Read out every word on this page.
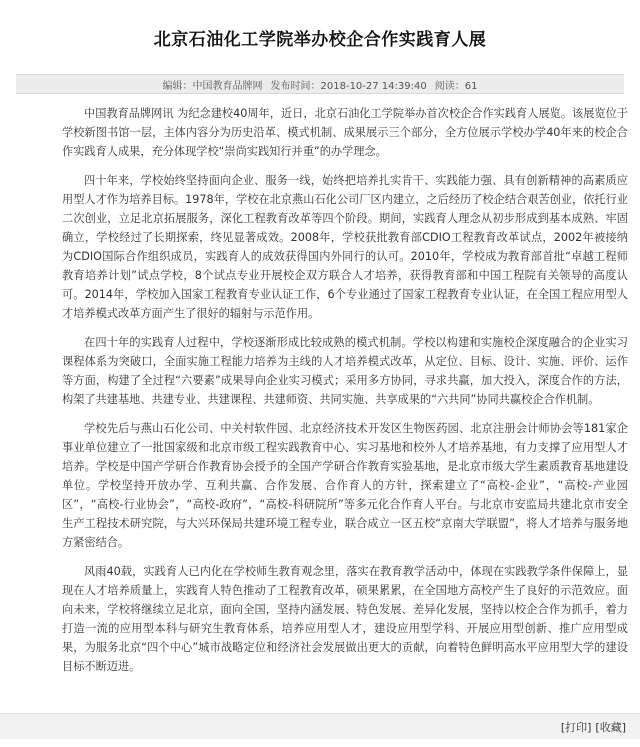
北京石油化工学院举办校企合作实践育人展
编辑：中国教育品牌网 发布时间：2018-10-27 14:39:40 阅读：61

中国教育品牌网讯 为纪念建校40周年，近日，北京石油化工学院举办首次校企合作实践育人展览。该展览位于学校新图书馆一层，主体内容分为历史沿革、模式机制、成果展示三个部分，全方位展示学校办学40年来的校企合作实践育人成果，充分体现学校“崇尚实践知行并重”的办学理念。

四十年来，学校始终坚持面向企业、服务一线，始终把培养扎实肯干、实践能力强、具有创新精神的高素质应用型人才作为培养目标。1978年，学校在北京燕山石化公司厂区内建立，之后经历了校企结合艰苦创业，依托行业二次创业，立足北京拓展服务，深化工程教育改革等四个阶段。期间，实践育人理念从初步形成到基本成熟、牢固确立，学校经过了长期探索，终见显著成效。2008年，学校获批教育部CDIO工程教育改革试点，2002年被接纳为CDIO国际合作组织成员，实践育人的成效获得国内外同行的认可。2010年，学校成为教育部首批“卓越工程师教育培养计划”试点学校，8个试点专业开展校企双方联合人才培养，获得教育部和中国工程院有关领导的高度认可。2014年，学校加入国家工程教育专业认证工作，6个专业通过了国家工程教育专业认证，在全国工程应用型人才培养模式改革方面产生了很好的辐射与示范作用。

在四十年的实践育人过程中，学校逐渐形成比较成熟的模式机制。学校以构建和实施校企深度融合的企业实习课程体系为突破口，全面实施工程能力培养为主线的人才培养模式改革，从定位、目标、设计、实施、评价、运作等方面，构建了全过程“六要素”成果导向企业实习模式；采用多方协同，寻求共赢，加大投入，深度合作的方法，构架了共建基地、共建专业、共建课程、共建师资、共同实施、共享成果的“六共同”协同共赢校企合作机制。

学校先后与燕山石化公司、中关村软件园、北京经济技术开发区生物医药园、北京注册会计师协会等181家企事业单位建立了一批国家级和北京市级工程实践教育中心、实习基地和校外人才培养基地，有力支撑了应用型人才培养。学校是中国产学研合作教育协会授予的全国产学研合作教育实验基地，是北京市级大学生素质教育基地建设单位。学校坚持开放办学、互利共赢、合作发展、合作育人的方针，探索建立了“高校-企业”，“高校-产业园区”，“高校-行业协会”，“高校-政府”，“高校-科研院所”等多元化合作育人平台。与北京市安监局共建北京市安全生产工程技术研究院，与大兴环保局共建环境工程专业，联合成立一区五校“京南大学联盟”，将人才培养与服务地方紧密结合。

风雨40载，实践育人已内化在学校师生教育观念里，落实在教育教学活动中，体现在实践教学条件保障上，显现在人才培养质量上，实践育人特色推动了工程教育改革，硕果累累，在全国地方高校产生了良好的示范效应。面向未来，学校将继续立足北京，面向全国，坚持内涵发展、特色发展、差异化发展，坚持以校企合作为抓手，着力打造一流的应用型本科与研究生教育体系，培养应用型人才，建设应用型学科、开展应用型创新、推广应用型成果，为服务北京“四个中心”城市战略定位和经济社会发展做出更大的贡献，向着特色鲜明高水平应用型大学的建设目标不断迈进。

[打印] [收藏]
